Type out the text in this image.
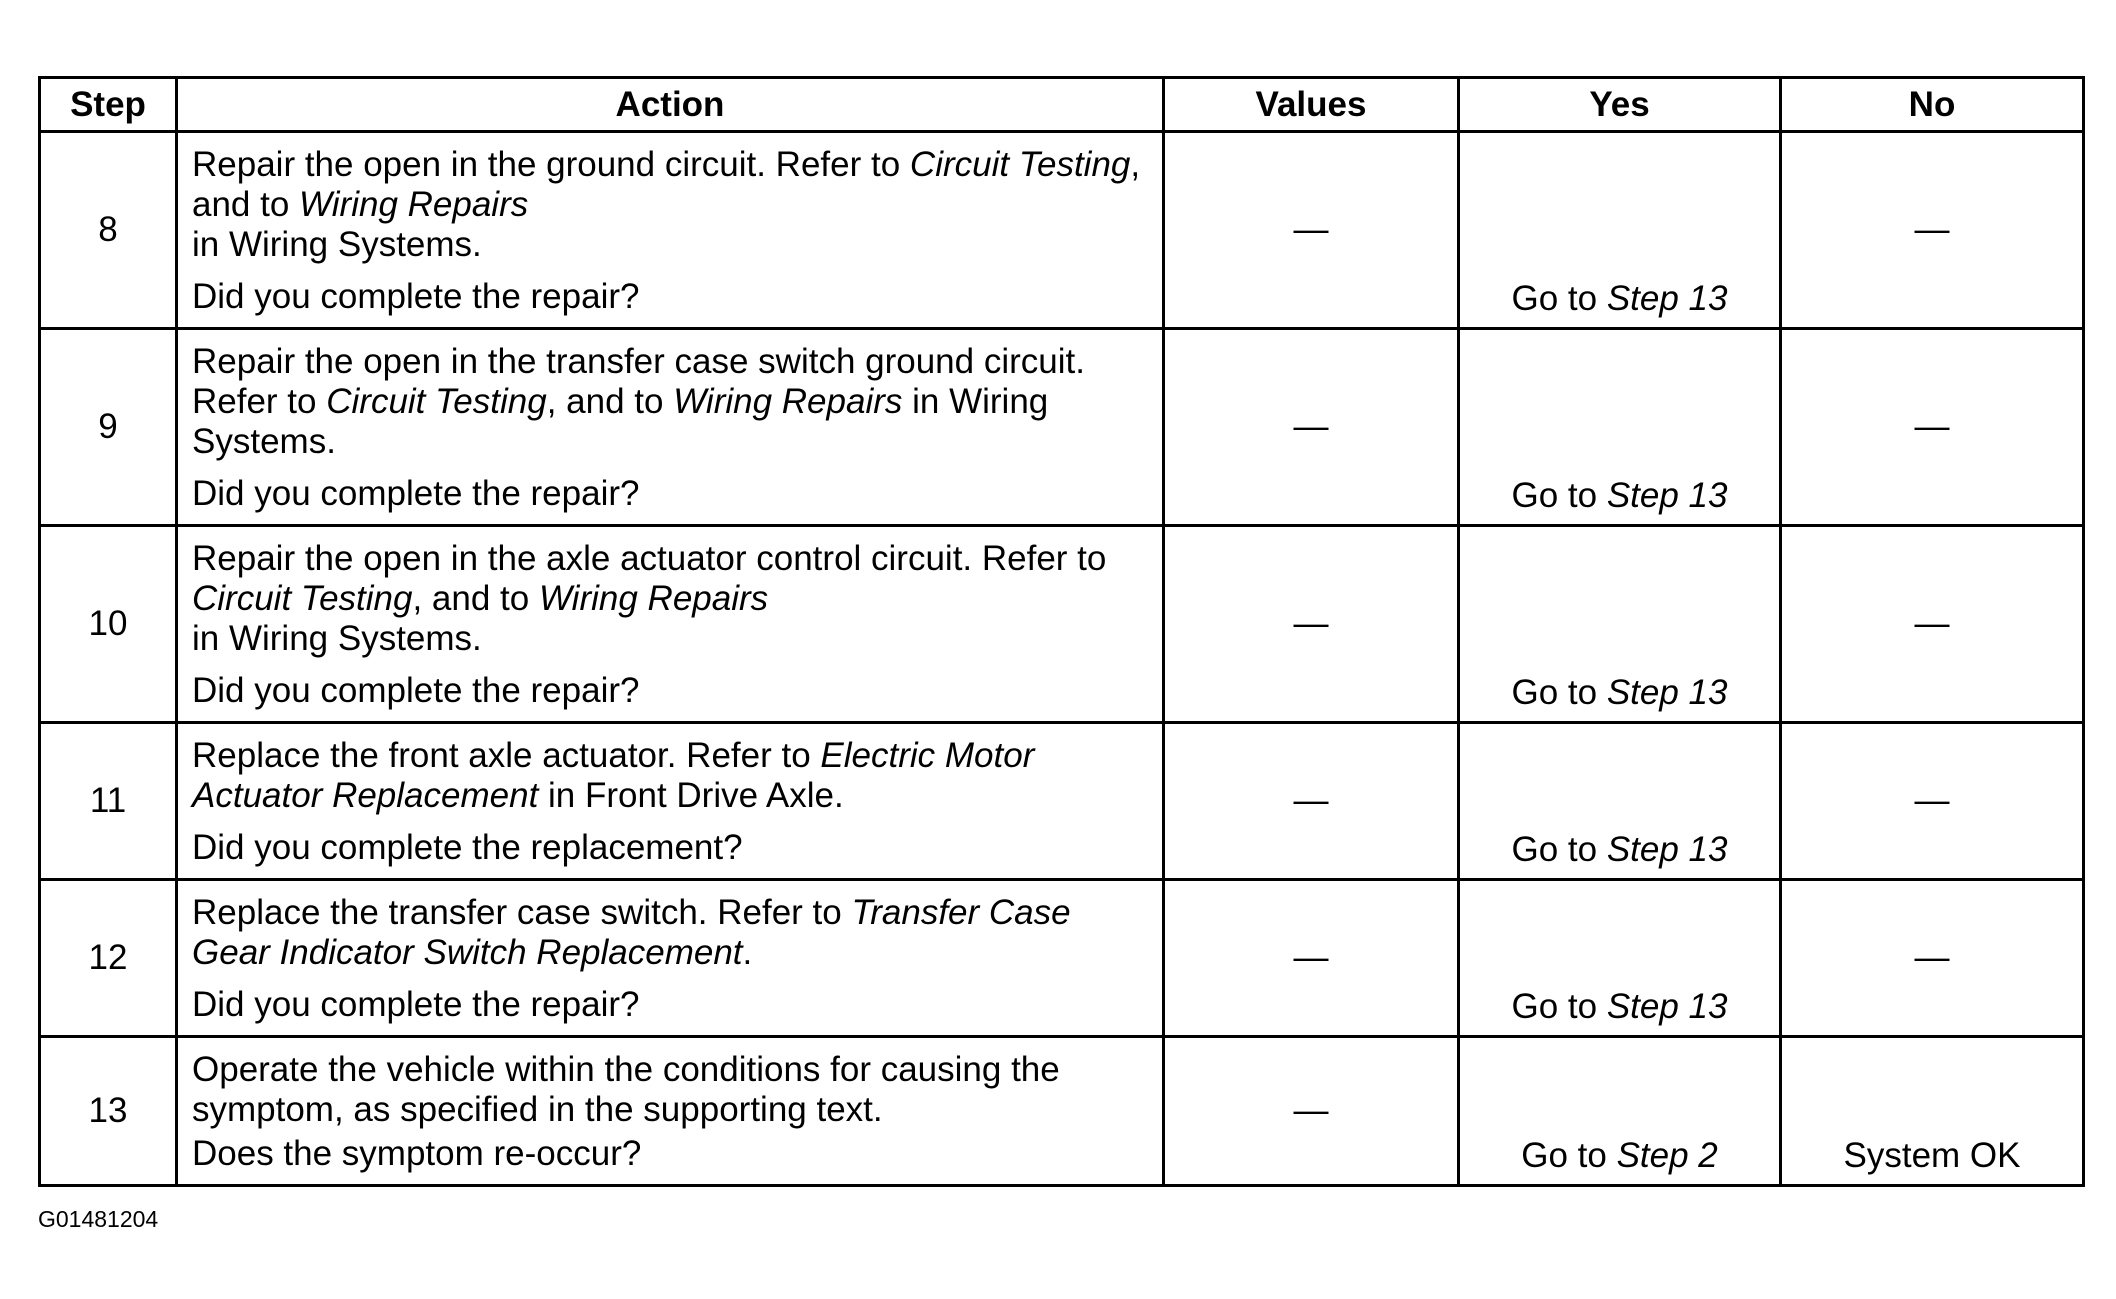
Step	Action	Values	Yes	No
8	Repair the open in the ground circuit. Refer to Circuit Testing, and to Wiring Repairs
in Wiring Systems.
Did you complete the repair?	—	Go to Step 13	—
9	Repair the open in the transfer case switch ground circuit. Refer to Circuit Testing, and to Wiring Repairs in Wiring Systems.
Did you complete the repair?	—	Go to Step 13	—
10	Repair the open in the axle actuator control circuit. Refer to Circuit Testing, and to Wiring Repairs
in Wiring Systems.
Did you complete the repair?	—	Go to Step 13	—
11	Replace the front axle actuator. Refer to Electric Motor Actuator Replacement in Front Drive Axle.
Did you complete the replacement?	—	Go to Step 13	—
12	Replace the transfer case switch. Refer to Transfer Case Gear Indicator Switch Replacement.
Did you complete the repair?	—	Go to Step 13	—
13	Operate the vehicle within the conditions for causing the symptom, as specified in the supporting text.
Does the symptom re-occur?	—	Go to Step 2	System OK
G01481204
